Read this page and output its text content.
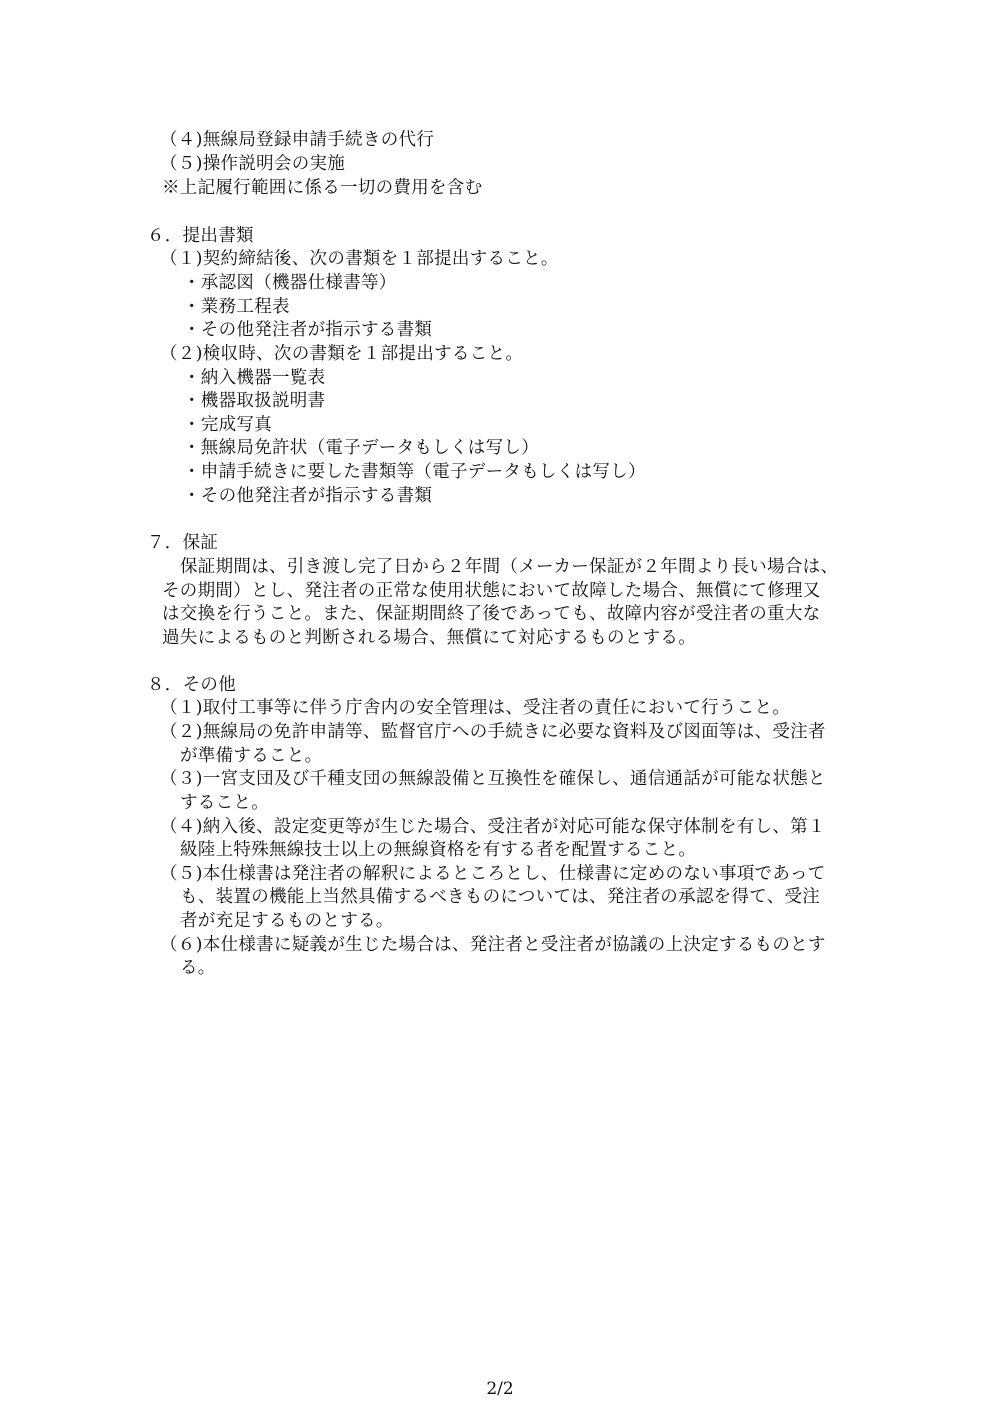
（４)無線局登録申請手続きの代行
（５)操作説明会の実施
※上記履行範囲に係る一切の費用を含む
６．提出書類
（１)契約締結後、次の書類を１部提出すること。
・承認図（機器仕様書等）
・業務工程表
・その他発注者が指示する書類
（２)検収時、次の書類を１部提出すること。
・納入機器一覧表
・機器取扱説明書
・完成写真
・無線局免許状（電子データもしくは写し）
・申請手続きに要した書類等（電子データもしくは写し）
・その他発注者が指示する書類
７．保証
保証期間は、引き渡し完了日から２年間（メーカー保証が２年間より長い場合は、
その期間）とし、発注者の正常な使用状態において故障した場合、無償にて修理又
は交換を行うこと。また、保証期間終了後であっても、故障内容が受注者の重大な
過失によるものと判断される場合、無償にて対応するものとする。
８．その他
（１)取付工事等に伴う庁舎内の安全管理は、受注者の責任において行うこと。
（２)無線局の免許申請等、監督官庁への手続きに必要な資料及び図面等は、受注者
が準備すること。
（３)一宮支団及び千種支団の無線設備と互換性を確保し、通信通話が可能な状態と
すること。
（４)納入後、設定変更等が生じた場合、受注者が対応可能な保守体制を有し、第１
級陸上特殊無線技士以上の無線資格を有する者を配置すること。
（５)本仕様書は発注者の解釈によるところとし、仕様書に定めのない事項であって
も、装置の機能上当然具備するべきものについては、発注者の承認を得て、受注
者が充足するものとする。
（６)本仕様書に疑義が生じた場合は、発注者と受注者が協議の上決定するものとす
る。
2/2
